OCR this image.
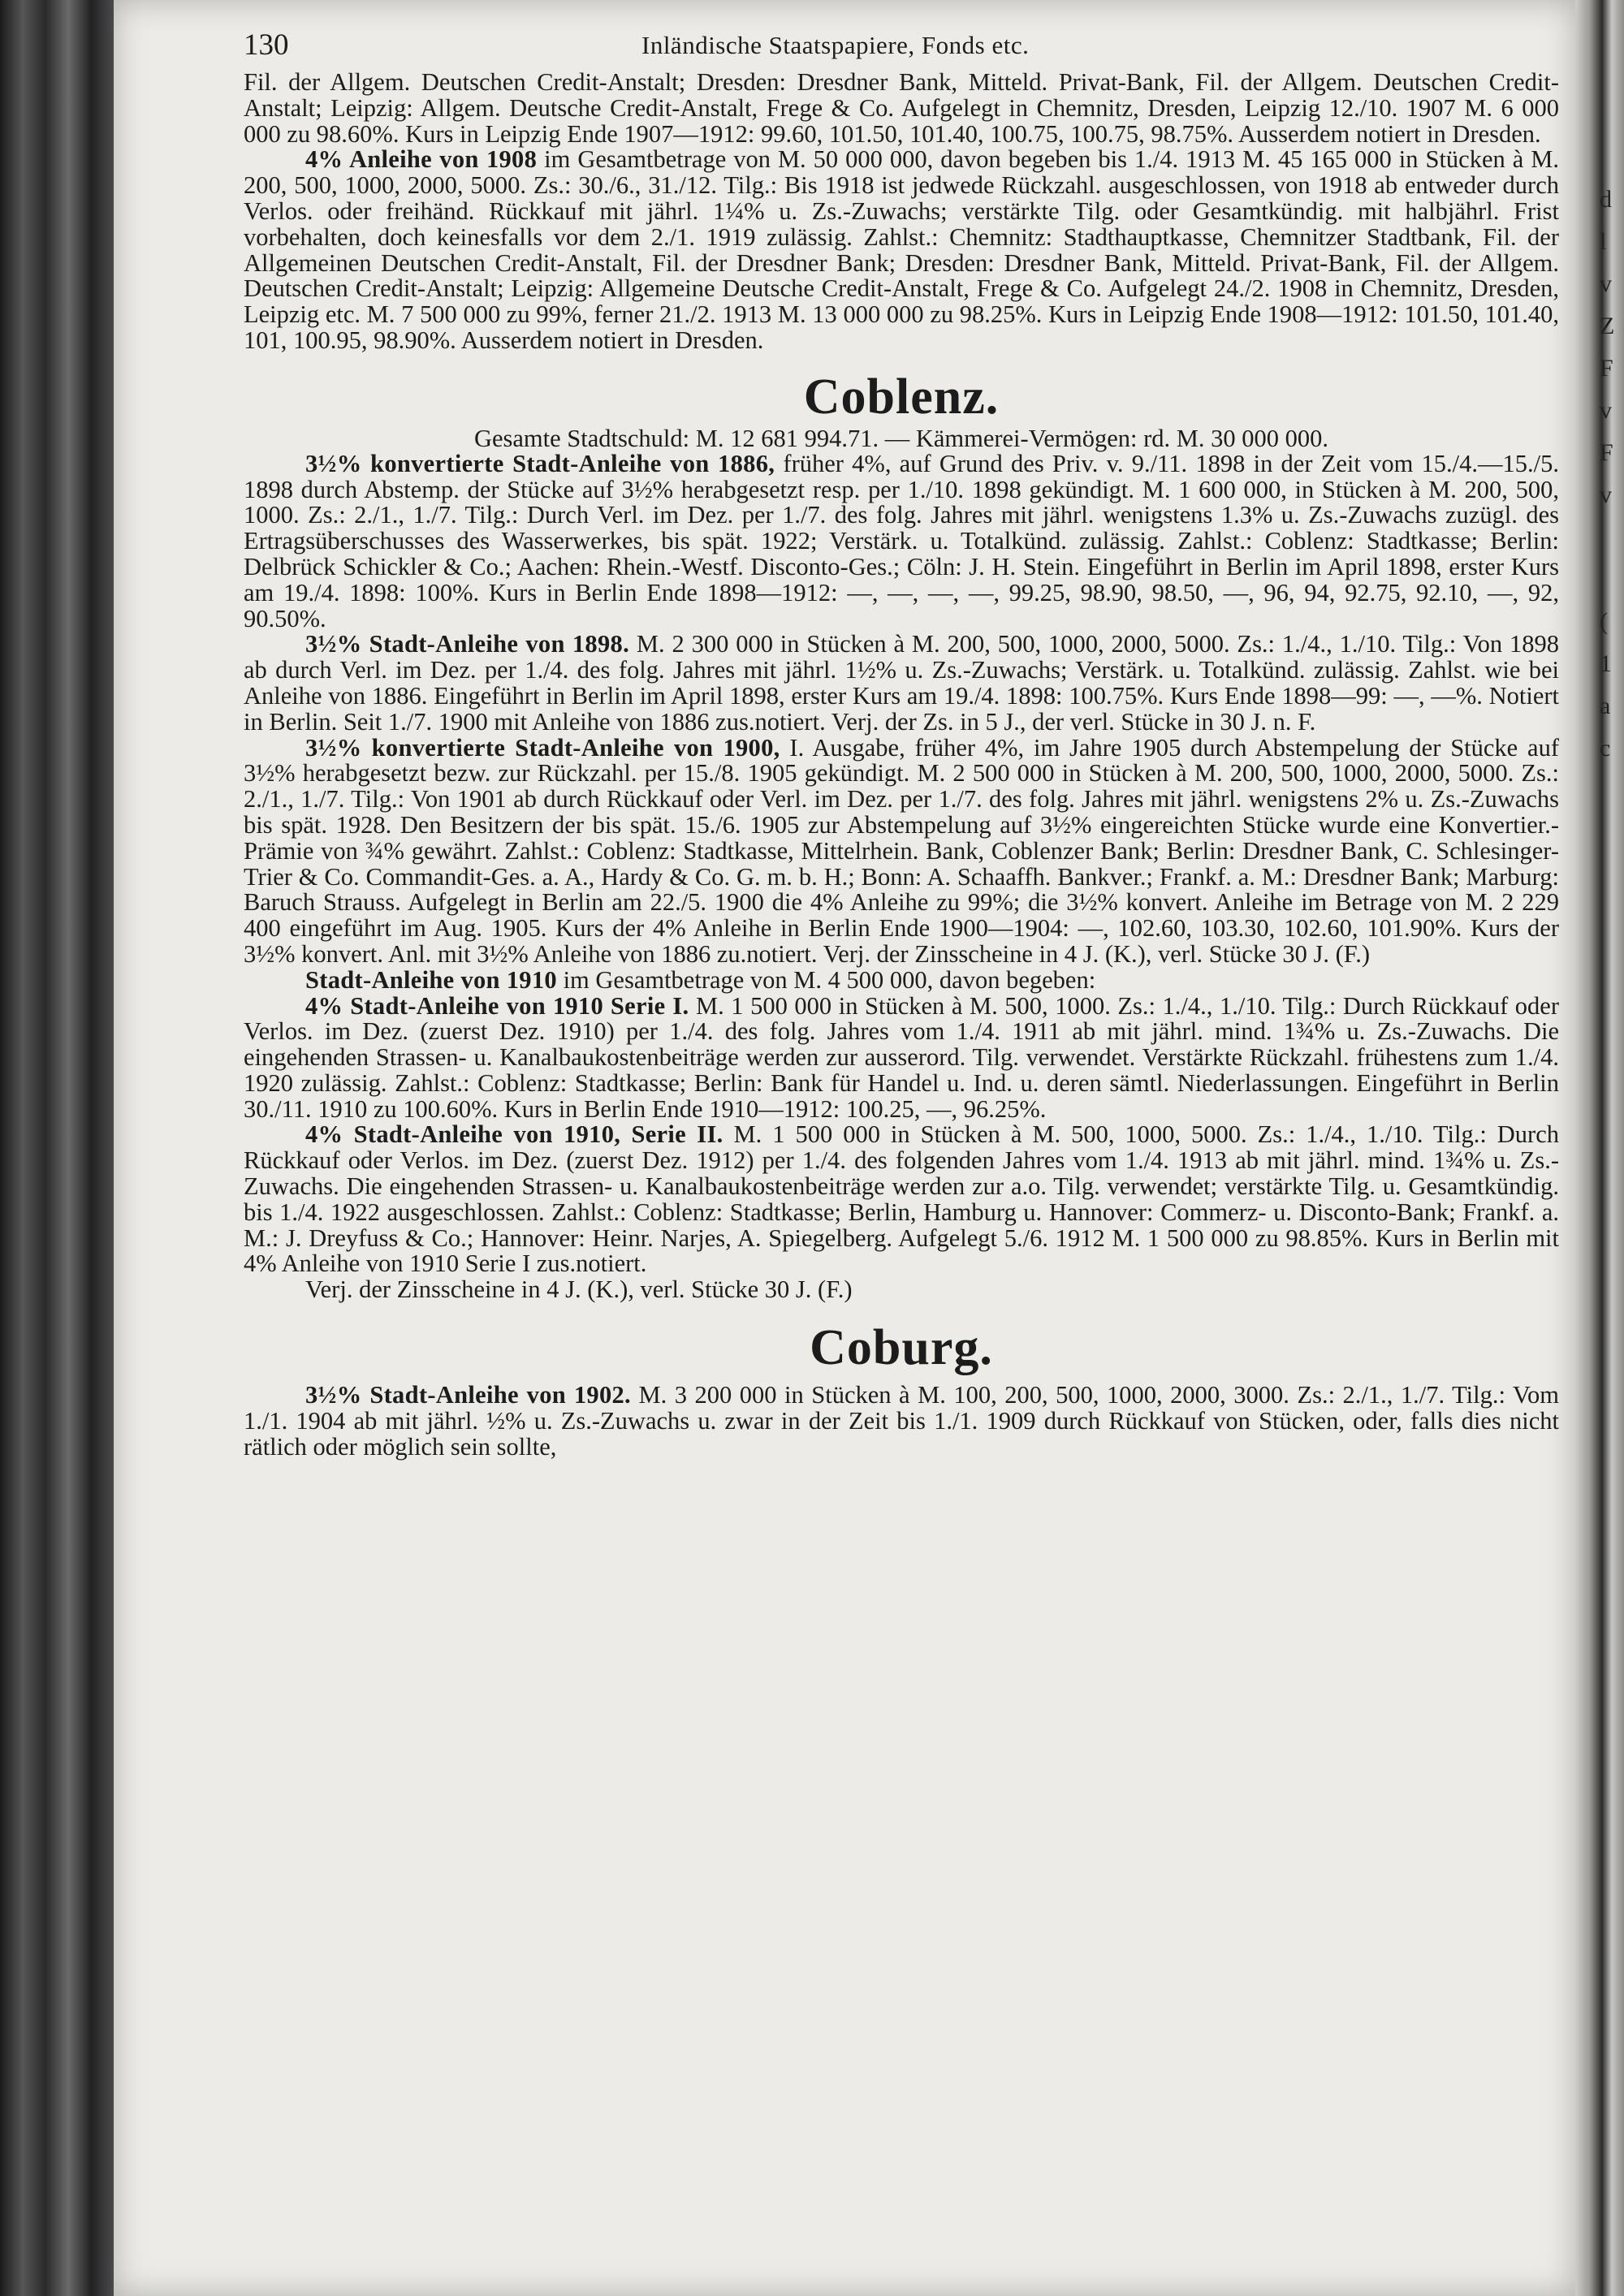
d
l
v
Z
F
v
F
v

(
1
a
c
130	Inländische Staatspapiere, Fonds etc.

Fil. der Allgem. Deutschen Credit-Anstalt; Dresden: Dresdner Bank, Mitteld. Privat-Bank, Fil. der Allgem. Deutschen Credit-Anstalt; Leipzig: Allgem. Deutsche Credit-Anstalt, Frege & Co. Aufgelegt in Chemnitz, Dresden, Leipzig 12./10. 1907 M. 6 000 000 zu 98.60%. Kurs in Leipzig Ende 1907—1912: 99.60, 101.50, 101.40, 100.75, 100.75, 98.75%. Ausserdem notiert in Dresden.

4% Anleihe von 1908 im Gesamtbetrage von M. 50 000 000, davon begeben bis 1./4. 1913 M. 45 165 000 in Stücken à M. 200, 500, 1000, 2000, 5000. Zs.: 30./6., 31./12. Tilg.: Bis 1918 ist jedwede Rückzahl. ausgeschlossen, von 1918 ab entweder durch Verlos. oder freihänd. Rückkauf mit jährl. 1¼% u. Zs.-Zuwachs; verstärkte Tilg. oder Gesamtkündig. mit halbjährl. Frist vorbehalten, doch keinesfalls vor dem 2./1. 1919 zulässig. Zahlst.: Chemnitz: Stadthauptkasse, Chemnitzer Stadtbank, Fil. der Allgemeinen Deutschen Credit-Anstalt, Fil. der Dresdner Bank; Dresden: Dresdner Bank, Mitteld. Privat-Bank, Fil. der Allgem. Deutschen Credit-Anstalt; Leipzig: Allgemeine Deutsche Credit-Anstalt, Frege & Co. Aufgelegt 24./2. 1908 in Chemnitz, Dresden, Leipzig etc. M. 7 500 000 zu 99%, ferner 21./2. 1913 M. 13 000 000 zu 98.25%. Kurs in Leipzig Ende 1908—1912: 101.50, 101.40, 101, 100.95, 98.90%. Ausserdem notiert in Dresden.

Coblenz.

Gesamte Stadtschuld: M. 12 681 994.71. — Kämmerei-Vermögen: rd. M. 30 000 000.

3½% konvertierte Stadt-Anleihe von 1886, früher 4%, auf Grund des Priv. v. 9./11. 1898 in der Zeit vom 15./4.—15./5. 1898 durch Abstemp. der Stücke auf 3½% herabgesetzt resp. per 1./10. 1898 gekündigt. M. 1 600 000, in Stücken à M. 200, 500, 1000. Zs.: 2./1., 1./7. Tilg.: Durch Verl. im Dez. per 1./7. des folg. Jahres mit jährl. wenigstens 1.3% u. Zs.-Zuwachs zuzügl. des Ertragsüberschusses des Wasserwerkes, bis spät. 1922; Verstärk. u. Totalkünd. zulässig. Zahlst.: Coblenz: Stadtkasse; Berlin: Delbrück Schickler & Co.; Aachen: Rhein.-Westf. Disconto-Ges.; Cöln: J. H. Stein. Eingeführt in Berlin im April 1898, erster Kurs am 19./4. 1898: 100%. Kurs in Berlin Ende 1898—1912: —, —, —, —, 99.25, 98.90, 98.50, —, 96, 94, 92.75, 92.10, —, 92, 90.50%.

3½% Stadt-Anleihe von 1898. M. 2 300 000 in Stücken à M. 200, 500, 1000, 2000, 5000. Zs.: 1./4., 1./10. Tilg.: Von 1898 ab durch Verl. im Dez. per 1./4. des folg. Jahres mit jährl. 1½% u. Zs.-Zuwachs; Verstärk. u. Totalkünd. zulässig. Zahlst. wie bei Anleihe von 1886. Eingeführt in Berlin im April 1898, erster Kurs am 19./4. 1898: 100.75%. Kurs Ende 1898—99: —, —%. Notiert in Berlin. Seit 1./7. 1900 mit Anleihe von 1886 zus.notiert. Verj. der Zs. in 5 J., der verl. Stücke in 30 J. n. F.

3½% konvertierte Stadt-Anleihe von 1900, I. Ausgabe, früher 4%, im Jahre 1905 durch Abstempelung der Stücke auf 3½% herabgesetzt bezw. zur Rückzahl. per 15./8. 1905 gekündigt. M. 2 500 000 in Stücken à M. 200, 500, 1000, 2000, 5000. Zs.: 2./1., 1./7. Tilg.: Von 1901 ab durch Rückkauf oder Verl. im Dez. per 1./7. des folg. Jahres mit jährl. wenigstens 2% u. Zs.-Zuwachs bis spät. 1928. Den Besitzern der bis spät. 15./6. 1905 zur Abstempelung auf 3½% eingereichten Stücke wurde eine Konvertier.-Prämie von ¾% gewährt. Zahlst.: Coblenz: Stadtkasse, Mittelrhein. Bank, Coblenzer Bank; Berlin: Dresdner Bank, C. Schlesinger-Trier & Co. Commandit-Ges. a. A., Hardy & Co. G. m. b. H.; Bonn: A. Schaaffh. Bankver.; Frankf. a. M.: Dresdner Bank; Marburg: Baruch Strauss. Aufgelegt in Berlin am 22./5. 1900 die 4% Anleihe zu 99%; die 3½% konvert. Anleihe im Betrage von M. 2 229 400 eingeführt im Aug. 1905. Kurs der 4% Anleihe in Berlin Ende 1900—1904: —, 102.60, 103.30, 102.60, 101.90%. Kurs der 3½% konvert. Anl. mit 3½% Anleihe von 1886 zu.notiert. Verj. der Zinsscheine in 4 J. (K.), verl. Stücke 30 J. (F.)

Stadt-Anleihe von 1910 im Gesamtbetrage von M. 4 500 000, davon begeben:

4% Stadt-Anleihe von 1910 Serie I. M. 1 500 000 in Stücken à M. 500, 1000. Zs.: 1./4., 1./10. Tilg.: Durch Rückkauf oder Verlos. im Dez. (zuerst Dez. 1910) per 1./4. des folg. Jahres vom 1./4. 1911 ab mit jährl. mind. 1¾% u. Zs.-Zuwachs. Die eingehenden Strassen- u. Kanalbaukostenbeiträge werden zur ausserord. Tilg. verwendet. Verstärkte Rückzahl. frühestens zum 1./4. 1920 zulässig. Zahlst.: Coblenz: Stadtkasse; Berlin: Bank für Handel u. Ind. u. deren sämtl. Niederlassungen. Eingeführt in Berlin 30./11. 1910 zu 100.60%. Kurs in Berlin Ende 1910—1912: 100.25, —, 96.25%.

4% Stadt-Anleihe von 1910, Serie II. M. 1 500 000 in Stücken à M. 500, 1000, 5000. Zs.: 1./4., 1./10. Tilg.: Durch Rückkauf oder Verlos. im Dez. (zuerst Dez. 1912) per 1./4. des folgenden Jahres vom 1./4. 1913 ab mit jährl. mind. 1¾% u. Zs.-Zuwachs. Die eingehenden Strassen- u. Kanalbaukostenbeiträge werden zur a.o. Tilg. verwendet; verstärkte Tilg. u. Gesamtkündig. bis 1./4. 1922 ausgeschlossen. Zahlst.: Coblenz: Stadtkasse; Berlin, Hamburg u. Hannover: Commerz- u. Disconto-Bank; Frankf. a. M.: J. Dreyfuss & Co.; Hannover: Heinr. Narjes, A. Spiegelberg. Aufgelegt 5./6. 1912 M. 1 500 000 zu 98.85%. Kurs in Berlin mit 4% Anleihe von 1910 Serie I zus.notiert.

Verj. der Zinsscheine in 4 J. (K.), verl. Stücke 30 J. (F.)

Coburg.

3½% Stadt-Anleihe von 1902. M. 3 200 000 in Stücken à M. 100, 200, 500, 1000, 2000, 3000. Zs.: 2./1., 1./7. Tilg.: Vom 1./1. 1904 ab mit jährl. ½% u. Zs.-Zuwachs u. zwar in der Zeit bis 1./1. 1909 durch Rückkauf von Stücken, oder, falls dies nicht rätlich oder möglich sein sollte,
